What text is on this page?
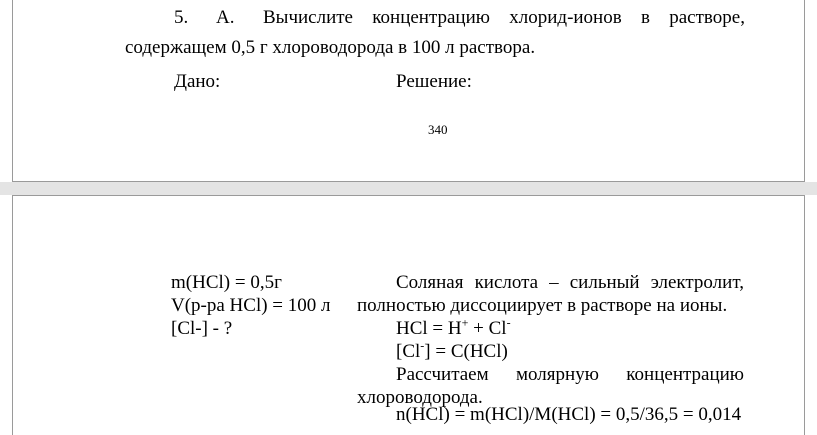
5. А. Вычислите концентрацию хлорид-ионов в растворе,
содержащем 0,5 г хлороводорода в 100 л раствора.
Дано:	Решение:
340
m(HCl) = 0,5г
V(р-ра HCl) = 100 л
[Cl-] - ?
Соляная кислота – сильный электролит,
полностью диссоциирует в растворе на ионы.
HCl = H+ + Cl-
[Cl-] = C(HCl)
Рассчитаем молярную концентрацию
хлороводорода.
n(HCl) = m(HCl)/M(HCl) = 0,5/36,5 = 0,014
